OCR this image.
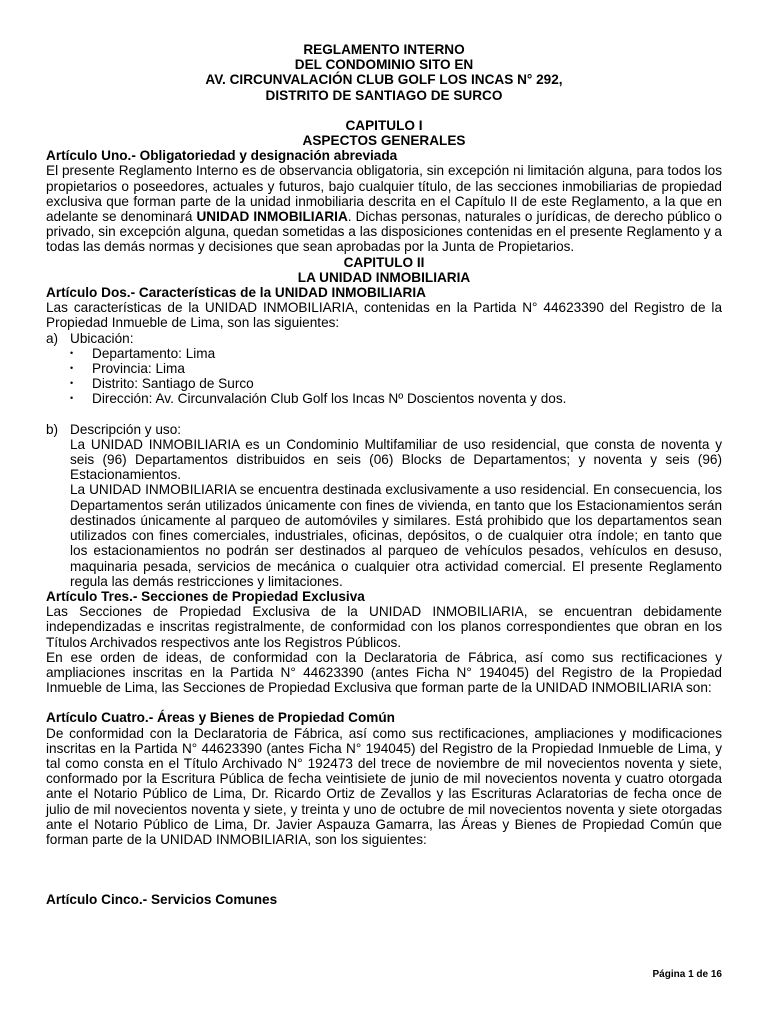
REGLAMENTO INTERNO
DEL CONDOMINIO SITO EN
AV. CIRCUNVALACIÓN CLUB GOLF LOS INCAS N° 292,
DISTRITO DE SANTIAGO DE SURCO
CAPITULO I
ASPECTOS GENERALES
Artículo Uno.- Obligatoriedad y designación abreviada
El presente Reglamento Interno es de observancia obligatoria, sin excepción ni limitación alguna, para todos los propietarios o poseedores, actuales y futuros, bajo cualquier título, de las secciones inmobiliarias de propiedad exclusiva que forman parte de la unidad inmobiliaria descrita en el Capítulo II de este Reglamento, a la que en adelante se denominará UNIDAD INMOBILIARIA. Dichas personas, naturales o jurídicas, de derecho público o privado, sin excepción alguna, quedan sometidas a las disposiciones contenidas en el presente Reglamento y a todas las demás normas y decisiones que sean aprobadas por la Junta de Propietarios.
CAPITULO II
LA UNIDAD INMOBILIARIA
Artículo Dos.- Características de la UNIDAD INMOBILIARIA
Las características de la UNIDAD INMOBILIARIA, contenidas en la Partida N° 44623390 del Registro de la Propiedad Inmueble de Lima, son las siguientes:
a) Ubicación:
•	Departamento: Lima
•	Provincia: Lima
•	Distrito: Santiago de Surco
•	Dirección: Av. Circunvalación Club Golf los Incas Nº Doscientos noventa y dos.
b) Descripción y uso:
La UNIDAD INMOBILIARIA es un Condominio Multifamiliar de uso residencial, que consta de noventa y seis (96) Departamentos distribuidos en seis (06) Blocks de Departamentos; y noventa y seis (96) Estacionamientos.
La UNIDAD INMOBILIARIA se encuentra destinada exclusivamente a uso residencial. En consecuencia, los Departamentos serán utilizados únicamente con fines de vivienda, en tanto que los Estacionamientos serán destinados únicamente al parqueo de automóviles y similares. Está prohibido que los departamentos sean utilizados con fines comerciales, industriales, oficinas, depósitos, o de cualquier otra índole; en tanto que los estacionamientos no podrán ser destinados al parqueo de vehículos pesados, vehículos en desuso, maquinaria pesada, servicios de mecánica o cualquier otra actividad comercial. El presente Reglamento regula las demás restricciones y limitaciones.
Artículo Tres.- Secciones de Propiedad Exclusiva
Las Secciones de Propiedad Exclusiva de la UNIDAD INMOBILIARIA, se encuentran debidamente independizadas e inscritas registralmente, de conformidad con los planos correspondientes que obran en los Títulos Archivados respectivos ante los Registros Públicos.
En ese orden de ideas, de conformidad con la Declaratoria de Fábrica, así como sus rectificaciones y ampliaciones inscritas en la Partida N° 44623390 (antes Ficha N° 194045) del Registro de la Propiedad Inmueble de Lima, las Secciones de Propiedad Exclusiva que forman parte de la UNIDAD INMOBILIARIA son:
Artículo Cuatro.- Áreas y Bienes de Propiedad Común
De conformidad con la Declaratoria de Fábrica, así como sus rectificaciones, ampliaciones y modificaciones inscritas en la Partida N° 44623390 (antes Ficha N° 194045) del Registro de la Propiedad Inmueble de Lima, y tal como consta en el Título Archivado N° 192473 del trece de noviembre de mil novecientos noventa y siete, conformado por la Escritura Pública de fecha veintisiete de junio de mil novecientos noventa y cuatro otorgada ante el Notario Público de Lima, Dr. Ricardo Ortiz de Zevallos y las Escrituras Aclaratorias de fecha once de julio de mil novecientos noventa y siete, y treinta y uno de octubre de mil novecientos noventa y siete otorgadas ante el Notario Público de Lima, Dr. Javier Aspauza Gamarra, las Áreas y Bienes de Propiedad Común que forman parte de la UNIDAD INMOBILIARIA, son los siguientes:
Artículo Cinco.- Servicios Comunes
Página 1 de 16
